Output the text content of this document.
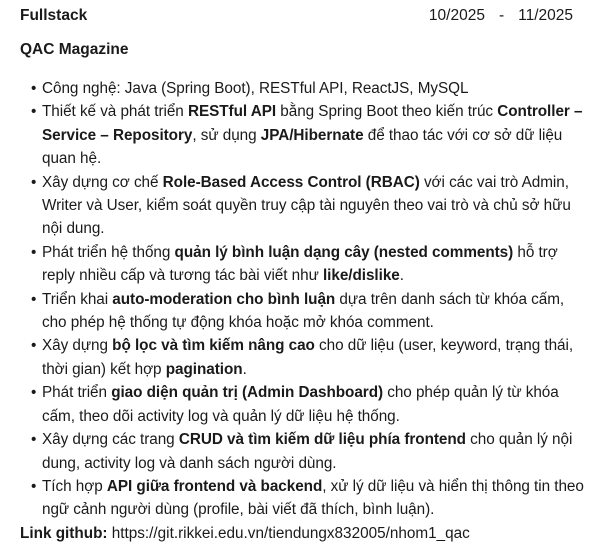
Fullstack	10/2025 - 11/2025
QAC Magazine
• Công nghệ: Java (Spring Boot), RESTful API, ReactJS, MySQL
• Thiết kế và phát triển RESTful API bằng Spring Boot theo kiến trúc Controller – Service – Repository, sử dụng JPA/Hibernate để thao tác với cơ sở dữ liệu quan hệ.
• Xây dựng cơ chế Role-Based Access Control (RBAC) với các vai trò Admin, Writer và User, kiểm soát quyền truy cập tài nguyên theo vai trò và chủ sở hữu nội dung.
• Phát triển hệ thống quản lý bình luận dạng cây (nested comments) hỗ trợ reply nhiều cấp và tương tác bài viết như like/dislike.
• Triển khai auto-moderation cho bình luận dựa trên danh sách từ khóa cấm, cho phép hệ thống tự động khóa hoặc mở khóa comment.
• Xây dựng bộ lọc và tìm kiếm nâng cao cho dữ liệu (user, keyword, trạng thái, thời gian) kết hợp pagination.
• Phát triển giao diện quản trị (Admin Dashboard) cho phép quản lý từ khóa cấm, theo dõi activity log và quản lý dữ liệu hệ thống.
• Xây dựng các trang CRUD và tìm kiếm dữ liệu phía frontend cho quản lý nội dung, activity log và danh sách người dùng.
• Tích hợp API giữa frontend và backend, xử lý dữ liệu và hiển thị thông tin theo ngữ cảnh người dùng (profile, bài viết đã thích, bình luận).
Link github: https://git.rikkei.edu.vn/tiendungx832005/nhom1_qac
